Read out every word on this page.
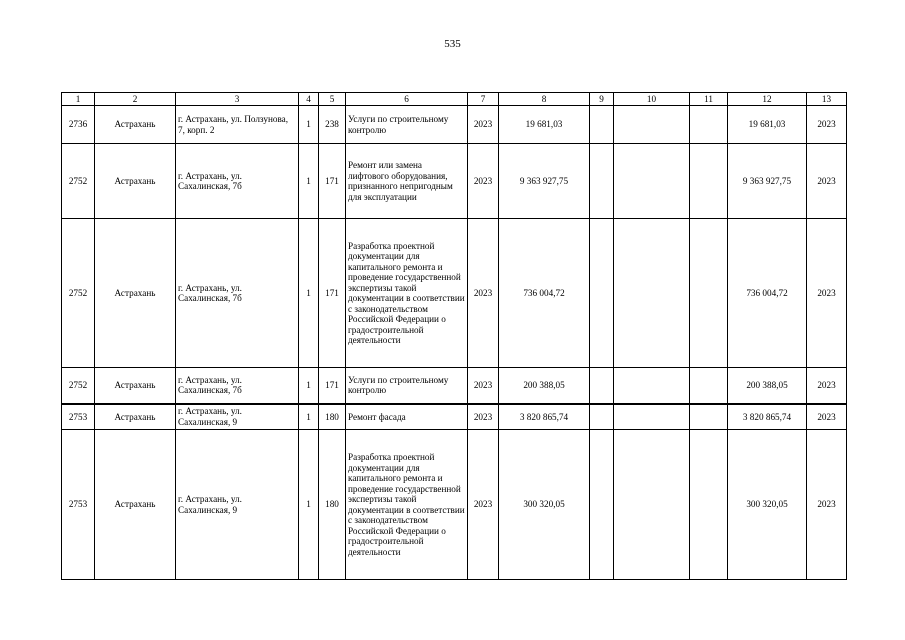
535
1	2	3	4	5	6	7	8	9	10	11	12	13
2736	Астрахань	г. Астрахань, ул. Ползунова, 7, корп. 2	1	238	Услуги по строительному контролю	2023	19 681,03				19 681,03	2023
2752	Астрахань	г. Астрахань, ул. Сахалинская, 7б	1	171	Ремонт или замена лифтового оборудования, признанного непригодным для эксплуатации	2023	9 363 927,75				9 363 927,75	2023
2752	Астрахань	г. Астрахань, ул. Сахалинская, 7б	1	171	Разработка проектной документации для капитального ремонта и проведение государственной экспертизы такой документации в соответствии с законодательством Российской Федерации о градостроительной деятельности	2023	736 004,72				736 004,72	2023
2752	Астрахань	г. Астрахань, ул. Сахалинская, 7б	1	171	Услуги по строительному контролю	2023	200 388,05				200 388,05	2023
2753	Астрахань	г. Астрахань, ул. Сахалинская, 9	1	180	Ремонт фасада	2023	3 820 865,74				3 820 865,74	2023
2753	Астрахань	г. Астрахань, ул. Сахалинская, 9	1	180	Разработка проектной документации для капитального ремонта и проведение государственной экспертизы такой документации в соответствии с законодательством Российской Федерации о градостроительной деятельности	2023	300 320,05				300 320,05	2023
